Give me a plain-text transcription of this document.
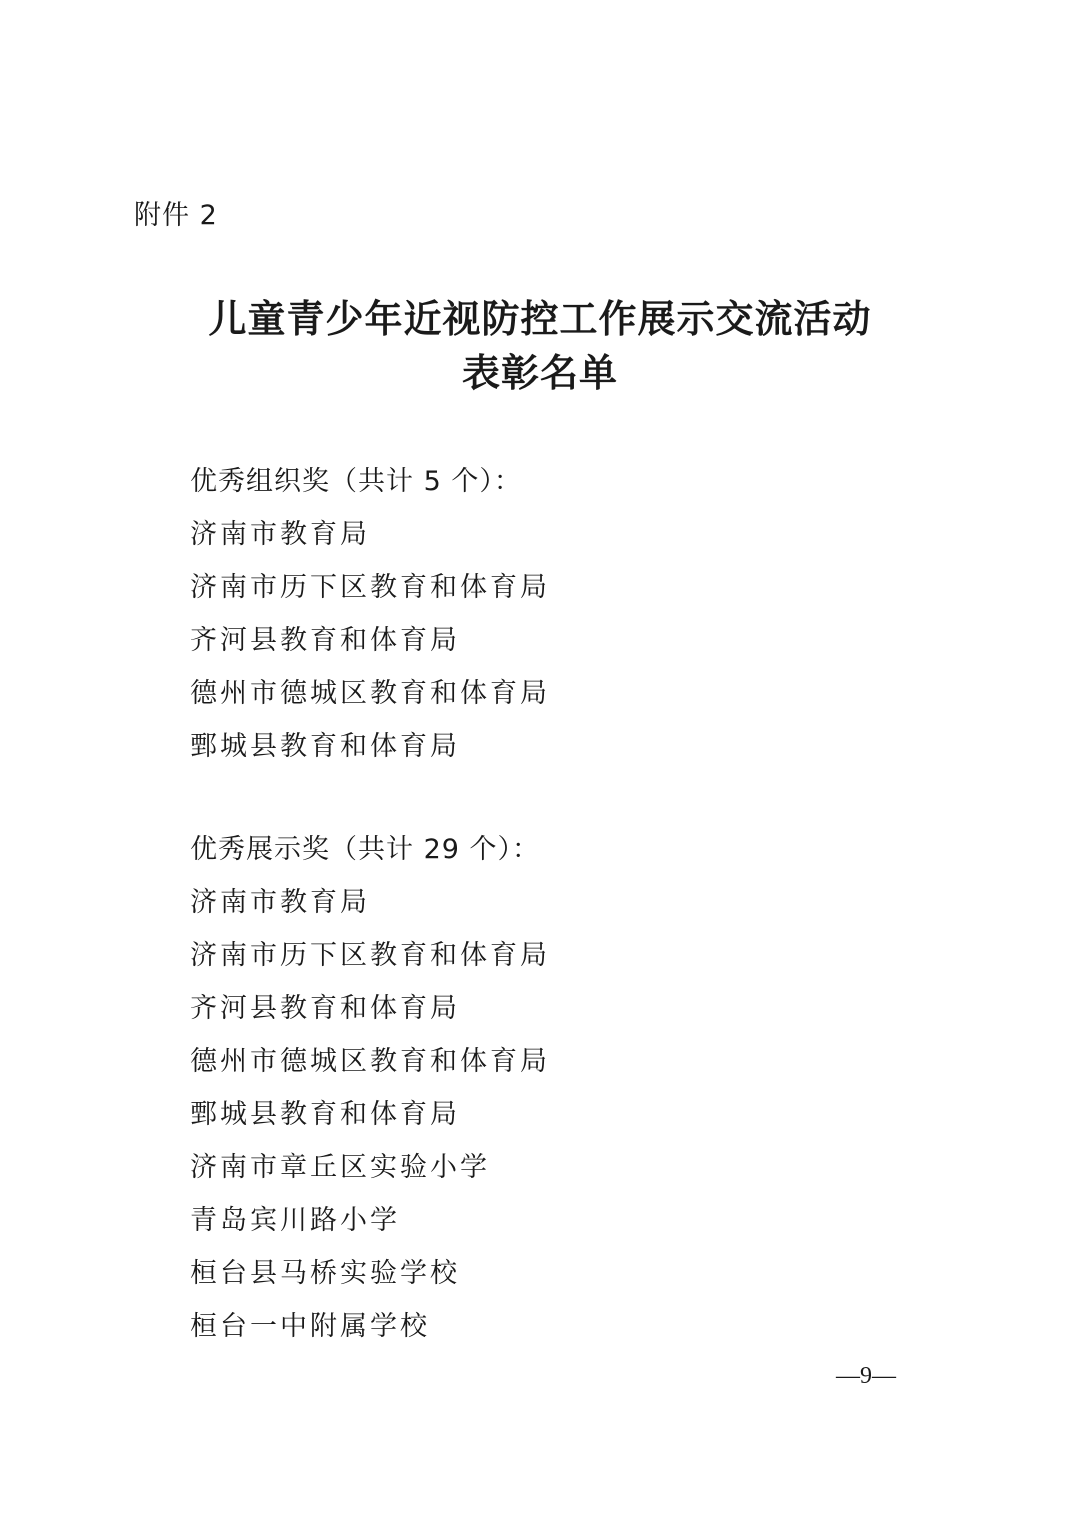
附件 2
儿童青少年近视防控工作展示交流活动
表彰名单
优秀组织奖（共计 5 个）：
济南市教育局
济南市历下区教育和体育局
齐河县教育和体育局
德州市德城区教育和体育局
鄄城县教育和体育局
优秀展示奖（共计 29 个）：
济南市教育局
济南市历下区教育和体育局
齐河县教育和体育局
德州市德城区教育和体育局
鄄城县教育和体育局
济南市章丘区实验小学
青岛宾川路小学
桓台县马桥实验学校
桓台一中附属学校
—9—
